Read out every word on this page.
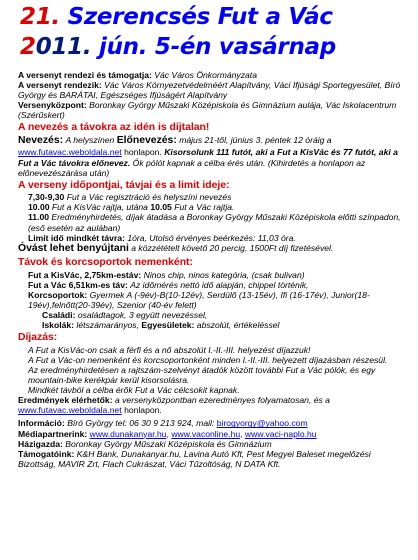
21. Szerencsés Fut a Vác
2011. jún. 5-én vasárnap

A versenyt rendezi és támogatja: Vác Város Önkormányzata

A versenyt rendezik: Vác Város Környezetvédelméért Alapítvány, Váci Ifjúsági Sportegyesület, Bíró György és BARÁTAI, Egészséges Ifjúságért Alapítvány

Versenyközpont: Boronkay György Műszaki Középiskola és Gimnázium aulája, Vác Iskolacentrum (Szérűskert)

A nevezés a távokra az idén is díjtalan!

Nevezés: A helyszínen Előnevezés: május 21-től, június 3. péntek 12 óráig a www.futavac.weboldala.net honlapon. Kisorsolunk 111 futót, aki a Fut a KisVác és 77 futót, aki a Fut a Vác távokra előnevez. Ők pólót kapnak a célba érés után. (Kihirdetés a honlapon az előnevezészárása után)

A verseny időpontjai, távjai és a limit ideje:

7,30-9,30 Fut a Vác regisztráció és helyszíni nevezés

10.00 Fut a KisVác rajtja, utána 10.05 Fut a Vác rajtja.

11.00 Eredményhirdetés, díjak átadása a Boronkay György Műszaki Középiskola előtti színpadon, (eső esetén az aulában)

Limit idő mindkét távra: 1óra, Utolsó érvényes beérkezés: 11,03 óra.

Óvást lehet benyújtani a közzétételt követő 20 percig, 1500Ft díj fizetésével.

Távok és korcsoportok nemenként:

Fut a KisVác, 2,75km-estáv: Ninos chip, ninos kategória, (csak bulivan)

Fut a Vác 6,51km-es táv: Az időmérés nettó idő alapján, chippel történik,

Korcsoportok: Gyermek A (-9év)-B(10-12év), Serdülő (13-15év), Ifi (16-17év), Junior(18-19év),felnőtt(20-39év), Szenior (40-év felett)

Családi: osaládtagok, 3 együtt nevezéssel,

Iskolák: létszámarányos, Egyesületek: abszolút, értékeléssel

Díjazás:

A Fut a KisVác-on csak a férfi és a nő abszolút I.-II.-III. helyezést díjazzuk!

A Fut a Vác-on nemenként és korcsoportonként minden I.-II.-III. helyezett díjazásban részesül.

Az eredményhirdetésen a rajtszám-szelvényt átadók között további Fut a Vác pólók, és egy mountain-bike kerékpár kerül kisorsolásra.

Mindkét távból a célba érők Fut a Vác célcsokit kapnak.

Eredmények elérhetők: a versenyközpontban ezeredményes folyamatosan, és a www.futavac.weboldala.net honlapon.

Információ: Bíró György tel: 06 30 9 213 924, mail: birogyorgy@yahoo.com

Médiapartnerink: www.dunakanyar.hu, www.vaconline.hu, www.vaci-naplo.hu

Házigazda: Boronkay György Műszaki Középiskola és Gimnázium

Támogatóink: K&H Bank, Dunakanyar.hu, Lavina Autó Kft, Pest Megyei Baleset megelőzési Bizottság, MAVIR Zrt, Flach Cukrászat, Váci Tűzoltóság, N DATA Kft.
